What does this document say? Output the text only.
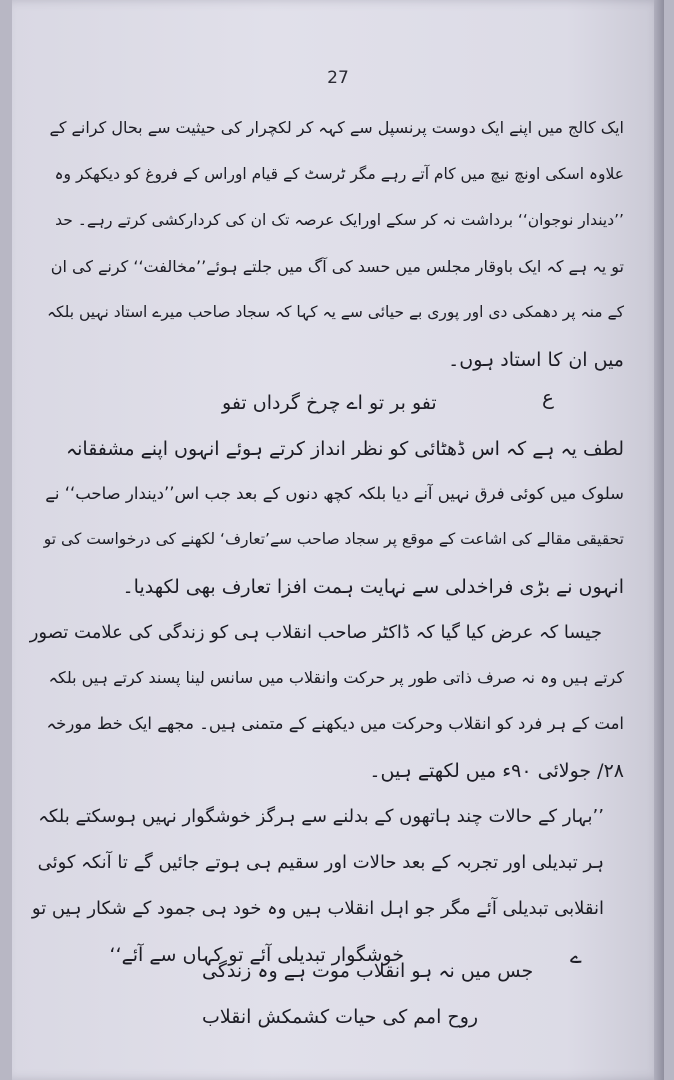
27
ایک کالج میں اپنے ایک دوست پرنسپل سے کہہ کر لکچرار کی حیثیت سے بحال کرانے کے
علاوہ اسکی اونچ نیچ میں کام آتے رہے مگر ٹرسٹ کے قیام اوراس کے فروغ کو دیکھکر وہ
’’دیندار نوجوان‘‘ برداشت نہ کر سکے اورایک عرصہ تک ان کی کردارکشی کرتے رہے۔ حد
تو یہ ہے کہ ایک باوقار مجلس میں حسد کی آگ میں جلتے ہوئے’’مخالفت‘‘ کرنے کی ان
کے منہ پر دھمکی دی اور پوری بے حیائی سے یہ کہا کہ سجاد صاحب میرے استاد نہیں بلکہ
میں ان کا استاد ہوں۔
ع
تفو بر تو اے چرخ گرداں تفو
لطف یہ ہے کہ اس ڈھٹائی کو نظر انداز کرتے ہوئے انہوں اپنے مشفقانہ
سلوک میں کوئی فرق نہیں آنے دیا بلکہ کچھ دنوں کے بعد جب اس’’دیندار صاحب‘‘ نے
تحقیقی مقالے کی اشاعت کے موقع پر سجاد صاحب سے’تعارف‘ لکھنے کی درخواست کی تو
انہوں نے بڑی فراخدلی سے نہایت ہمت افزا تعارف بھی لکھدیا۔
جیسا کہ عرض کیا گیا کہ ڈاکٹر صاحب انقلاب ہی کو زندگی کی علامت تصور
کرتے ہیں وہ نہ صرف ذاتی طور پر حرکت وانقلاب میں سانس لینا پسند کرتے ہیں بلکہ
امت کے ہر فرد کو انقلاب وحرکت میں دیکھنے کے متمنی ہیں۔ مجھے ایک خط مورخہ
۲۸/ جولائی ۹۰ء میں لکھتے ہیں۔
’’بہار کے حالات چند ہاتھوں کے بدلنے سے ہرگز خوشگوار نہیں ہوسکتے بلکہ
ہر تبدیلی اور تجربہ کے بعد حالات اور سقیم ہی ہوتے جائیں گے تا آنکہ کوئی
انقلابی تبدیلی آئے مگر جو اہل انقلاب ہیں وہ خود ہی جمود کے شکار ہیں تو
خوشگوار تبدیلی آئے تو کہاں سے آئے‘‘	ے
جس میں نہ ہو انقلاب موت ہے وہ زندگی
روح امم کی حیات کشمکش انقلاب
